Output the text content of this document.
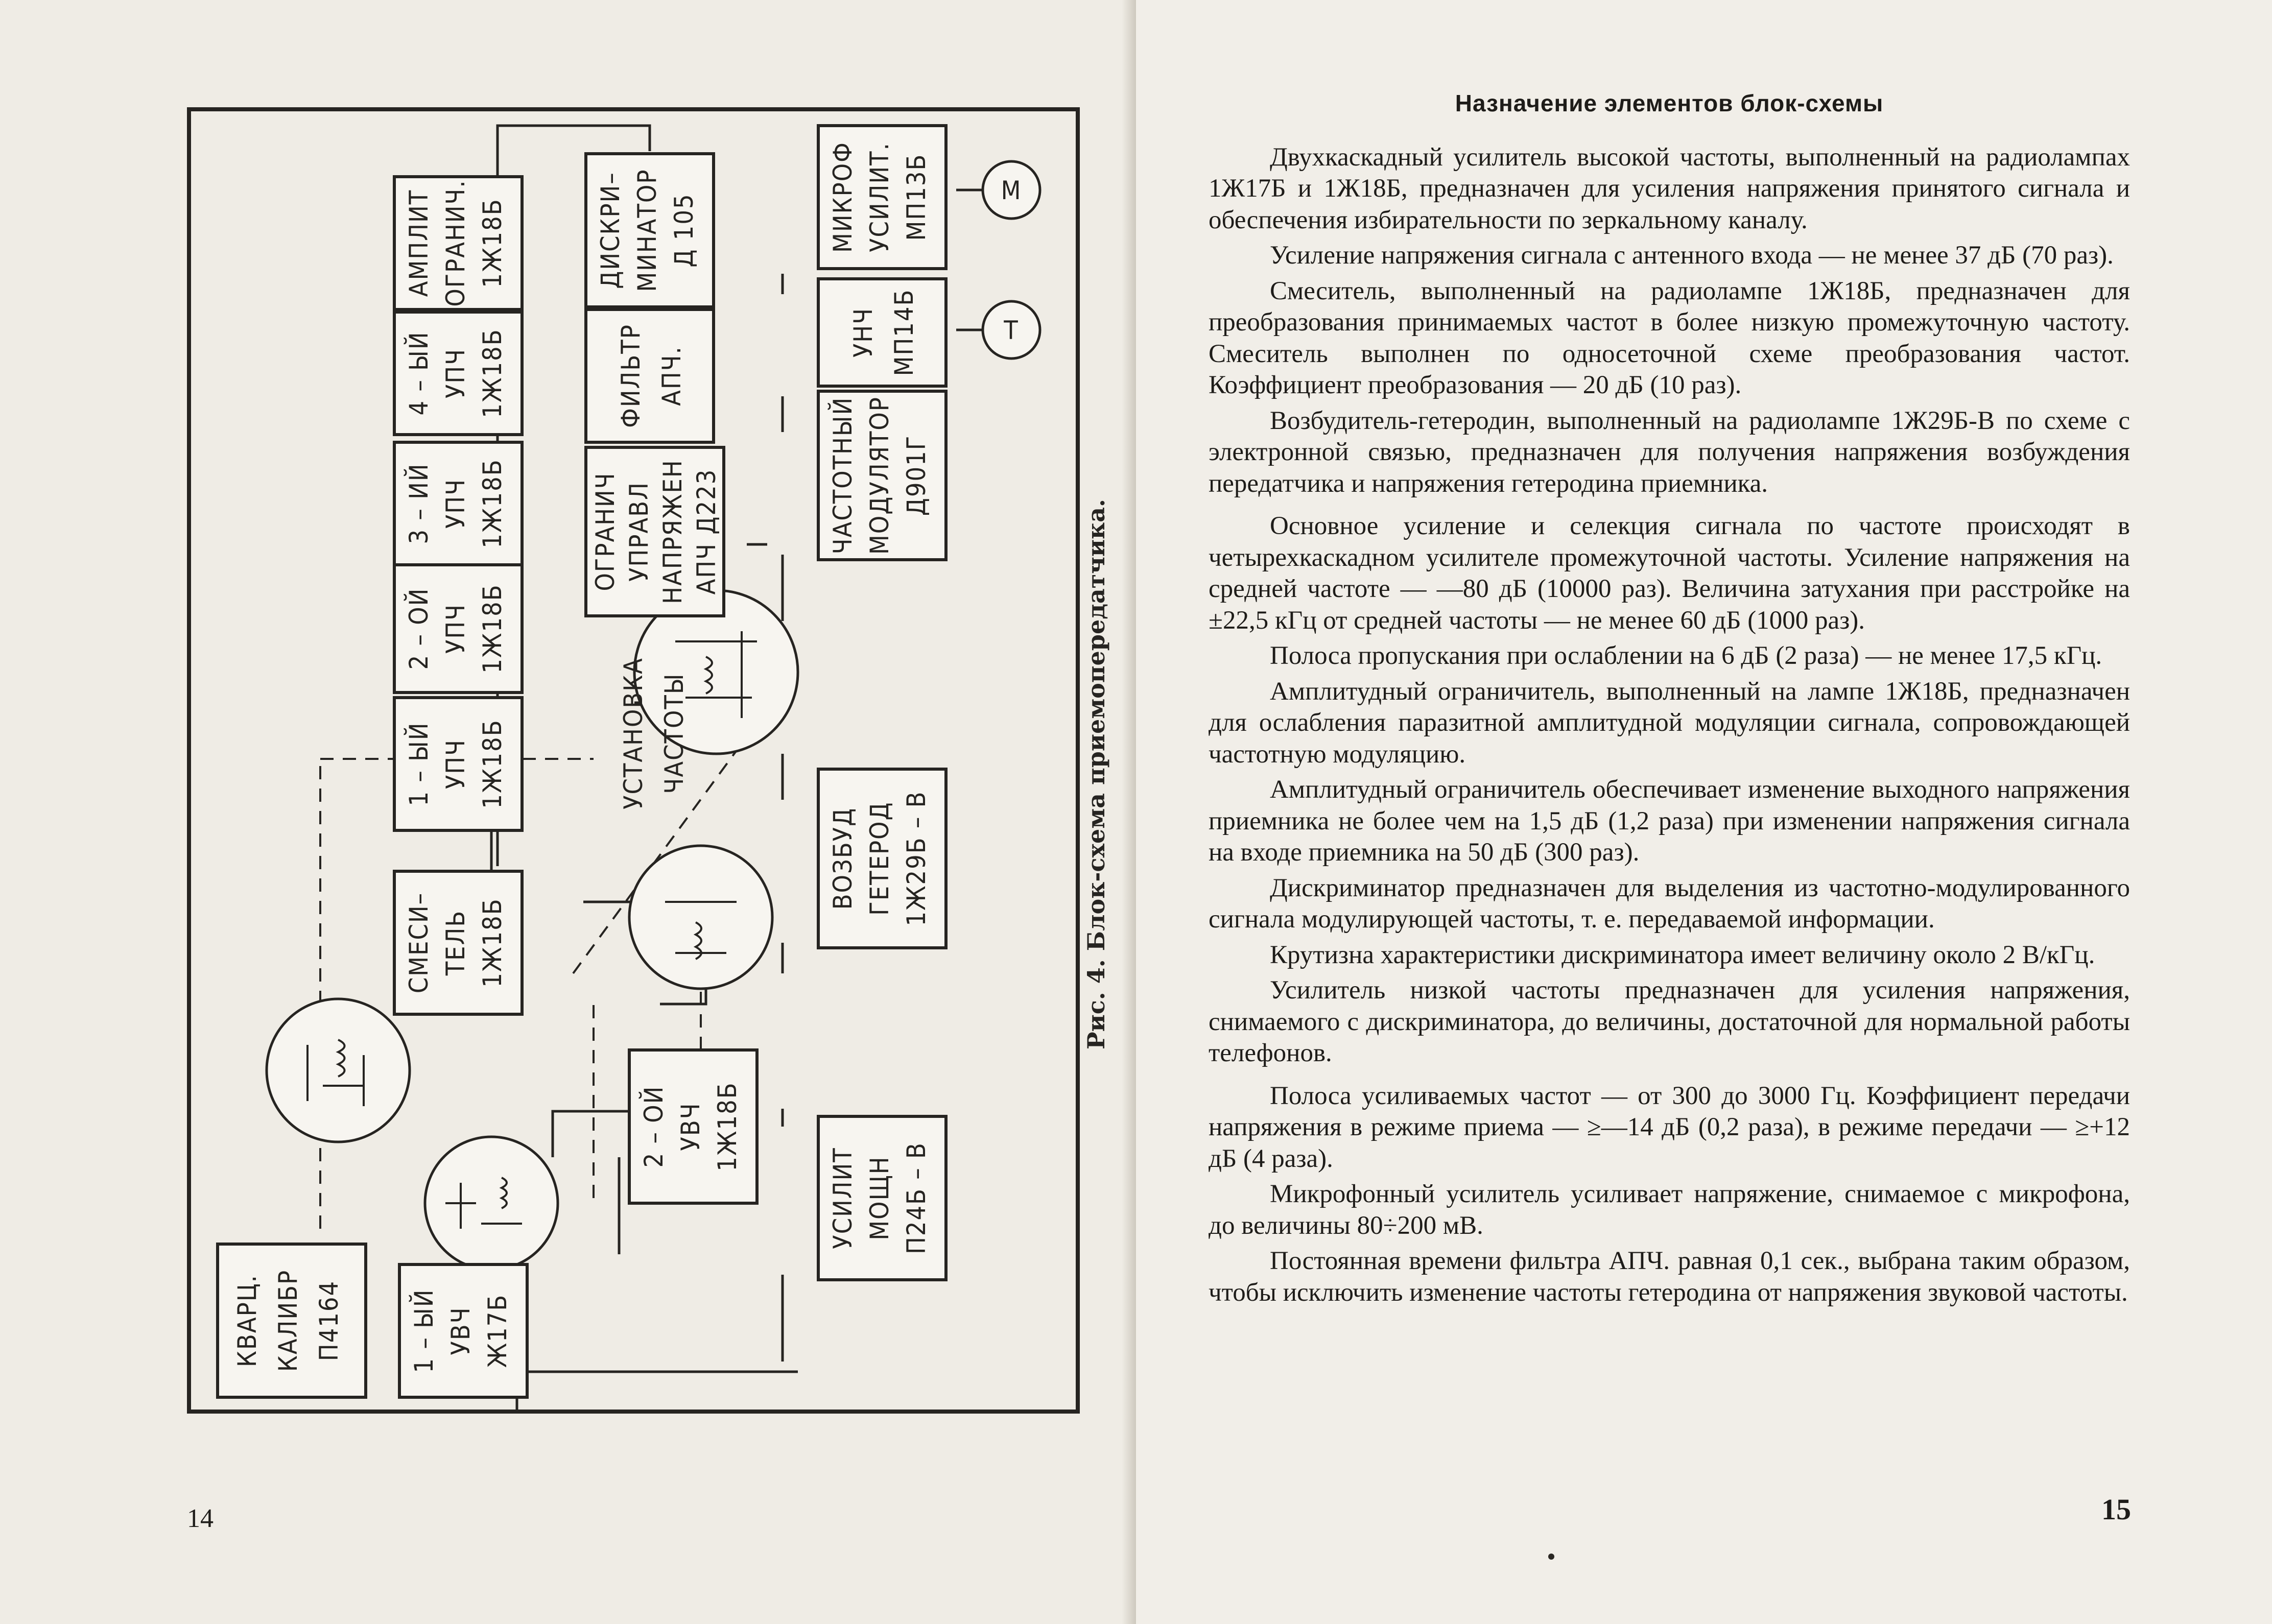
Т
М
КВАРЦ. КАЛИБР П4164	1 – ЫЙ УВЧ Ж17Б
2 – ОЙ УВЧ 1Ж18Б
УСИЛИТ МОЩН П24Б – В
СМЕСИ– ТЕЛЬ 1Ж18Б
ВОЗБУД ГЕТЕРОД 1Ж29Б – В
1 – ЫЙ УПЧ 1Ж18Б
2 – ОЙ УПЧ 1Ж18Б
3 – ИЙ УПЧ 1Ж18Б
4 – ЫЙ УПЧ 1Ж18Б
АМПЛИТ ОГРАНИЧ. 1Ж18Б
УСТАНОВКА ЧАСТОТЫ
ОГРАНИЧ УПРАВЛ НАПРЯЖЕН АПЧ Д223
ФИЛЬТР АПЧ.
ДИСКРИ– МИНАТОР Д 105
ЧАСТОТНЫЙ МОДУЛЯТОР Д901Г
УНЧ МП14Б
МИКРОФ УСИЛИТ. МП13Б
Рис. 4. Блок-схема приемопередатчика.
14
Назначение элементов блок-схемы

Двухкаскадный усилитель высокой частоты, выполненный на радиолампах 1Ж17Б и 1Ж18Б, предназначен для усиления напряжения принятого сигнала и обеспечения избирательности по зеркальному каналу.

Усиление напряжения сигнала с антенного входа — не менее 37 дБ (70 раз).

Смеситель, выполненный на радиолампе 1Ж18Б, предназначен для преобразования принимаемых частот в более низкую промежуточную частоту. Смеситель выполнен по односеточной схеме преобразования частот. Коэффициент преобразования — 20 дБ (10 раз).

Возбудитель-гетеродин, выполненный на радиолампе 1Ж29Б-В по схеме с электронной связью, предназначен для получения напряжения возбуждения передатчика и напряжения гетеродина приемника.

Основное усиление и селекция сигнала по частоте происходят в четырехкаскадном усилителе промежуточной частоты. Усиление напряжения на средней частоте — —80 дБ (10000 раз). Величина затухания при расстройке на ±22,5 кГц от средней частоты — не менее 60 дБ (1000 раз).

Полоса пропускания при ослаблении на 6 дБ (2 раза) — не менее 17,5 кГц.

Амплитудный ограничитель, выполненный на лампе 1Ж18Б, предназначен для ослабления паразитной амплитудной модуляции сигнала, сопровождающей частотную модуляцию.

Амплитудный ограничитель обеспечивает изменение выходного напряжения приемника не более чем на 1,5 дБ (1,2 раза) при изменении напряжения сигнала на входе приемника на 50 дБ (300 раз).

Дискриминатор предназначен для выделения из частотно-модулированного сигнала модулирующей частоты, т. е. передаваемой информации.

Крутизна характеристики дискриминатора имеет величину около 2 В/кГц.

Усилитель низкой частоты предназначен для усиления напряжения, снимаемого с дискриминатора, до величины, достаточной для нормальной работы телефонов.

Полоса усиливаемых частот — от 300 до 3000 Гц. Коэффициент передачи напряжения в режиме приема — ≥—14 дБ (0,2 раза), в режиме передачи — ≥+12 дБ (4 раза).

Микрофонный усилитель усиливает напряжение, снимаемое с микрофона, до величины 80÷200 мВ.

Постоянная времени фильтра АПЧ. равная 0,1 сек., выбрана таким образом, чтобы исключить изменение частоты гетеродина от напряжения звуковой частоты.

15
